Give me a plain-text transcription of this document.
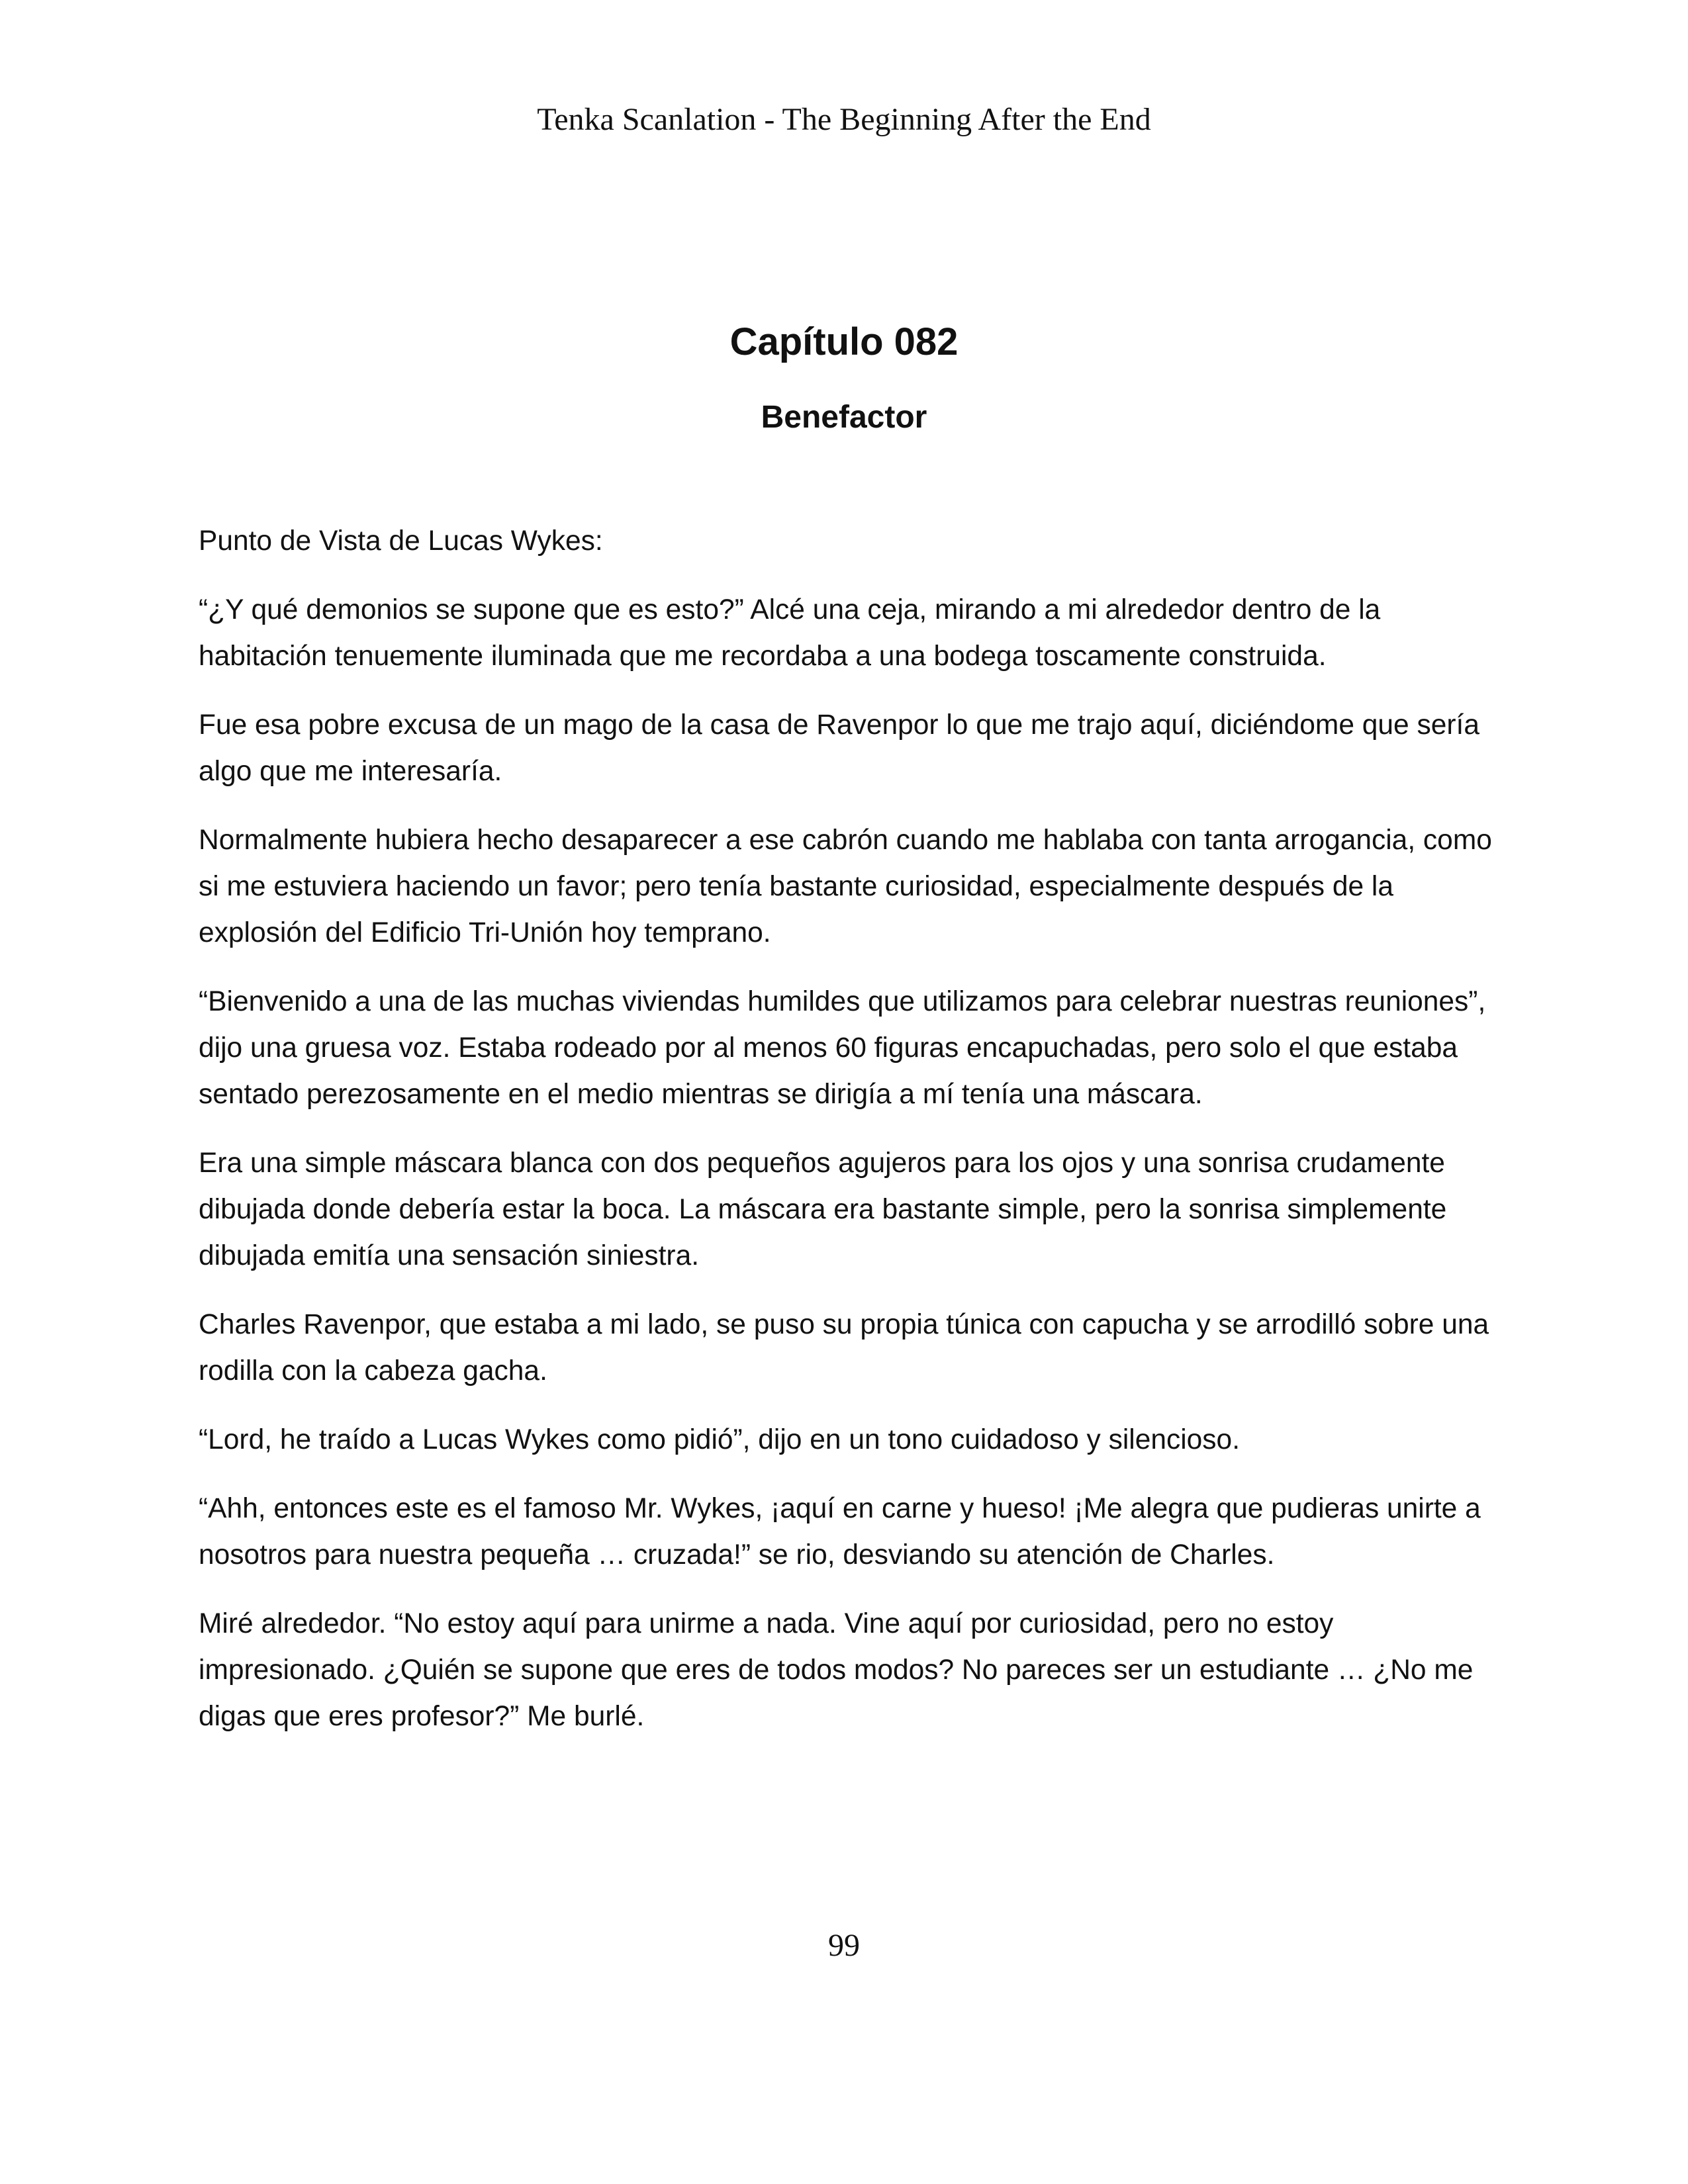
Tenka Scanlation - The Beginning After the End
Capítulo 082
Benefactor

Punto de Vista de Lucas Wykes:

“¿Y qué demonios se supone que es esto?” Alcé una ceja, mirando a mi alrededor dentro de la habitación tenuemente iluminada que me recordaba a una bodega toscamente construida.

Fue esa pobre excusa de un mago de la casa de Ravenpor lo que me trajo aquí, diciéndome que sería algo que me interesaría.

Normalmente hubiera hecho desaparecer a ese cabrón cuando me hablaba con tanta arrogancia, como si me estuviera haciendo un favor; pero tenía bastante curiosidad, especialmente después de la explosión del Edificio Tri-Unión hoy temprano.

“Bienvenido a una de las muchas viviendas humildes que utilizamos para celebrar nuestras reuniones”, dijo una gruesa voz. Estaba rodeado por al menos 60 figuras encapuchadas, pero solo el que estaba sentado perezosamente en el medio mientras se dirigía a mí tenía una máscara.

Era una simple máscara blanca con dos pequeños agujeros para los ojos y una sonrisa crudamente dibujada donde debería estar la boca. La máscara era bastante simple, pero la sonrisa simplemente dibujada emitía una sensación siniestra.

Charles Ravenpor, que estaba a mi lado, se puso su propia túnica con capucha y se arrodilló sobre una rodilla con la cabeza gacha.

“Lord, he traído a Lucas Wykes como pidió”, dijo en un tono cuidadoso y silencioso.

“Ahh, entonces este es el famoso Mr. Wykes, ¡aquí en carne y hueso! ¡Me alegra que pudieras unirte a nosotros para nuestra pequeña … cruzada!” se rio, desviando su atención de Charles.

Miré alrededor. “No estoy aquí para unirme a nada. Vine aquí por curiosidad, pero no estoy impresionado. ¿Quién se supone que eres de todos modos? No pareces ser un estudiante … ¿No me digas que eres profesor?” Me burlé.

99
